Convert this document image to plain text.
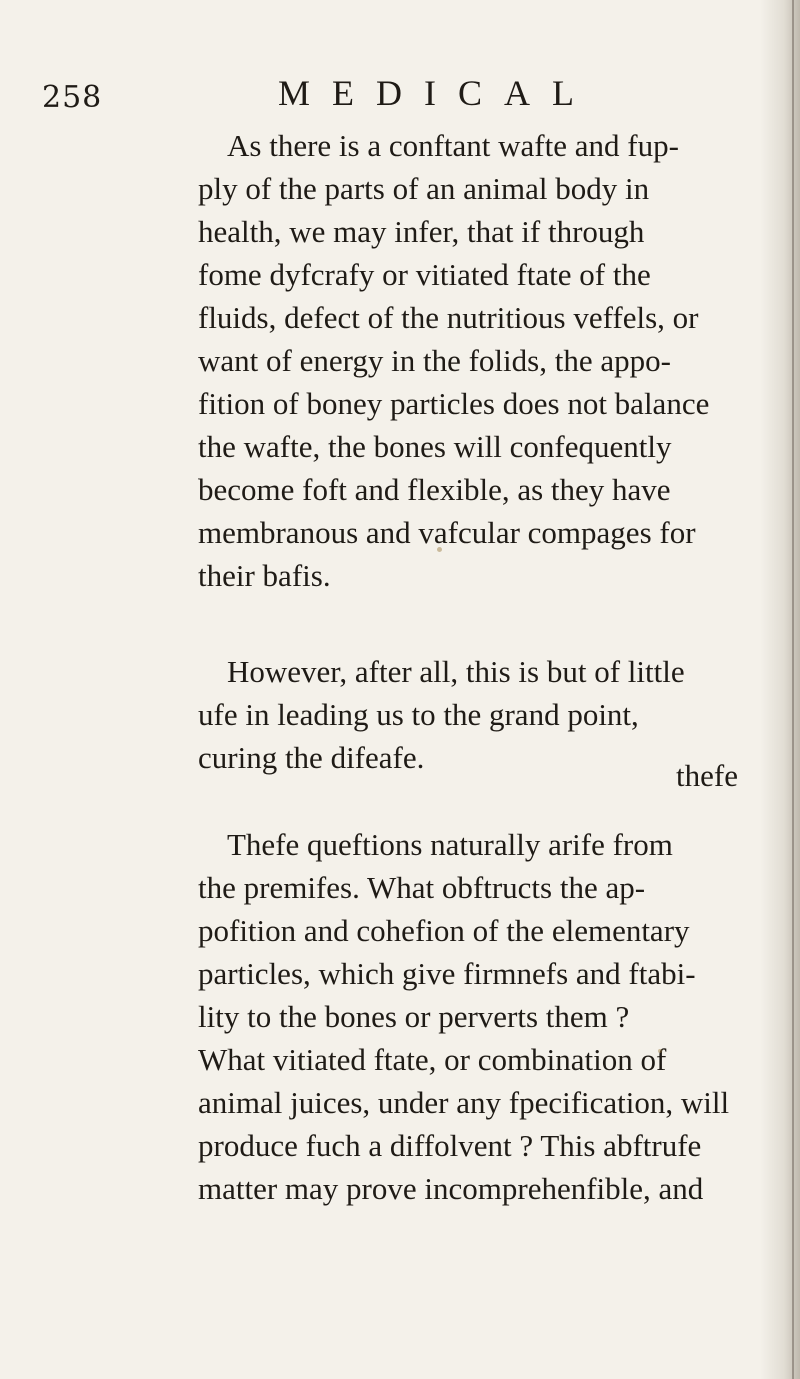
258	MEDICAL
As there is a conftant wafte and fup-
ply of the parts of an animal body in
health, we may infer, that if through
fome dyfcrafy or vitiated ftate of the
fluids, defect of the nutritious veffels, or
want of energy in the folids, the appo-
fition of boney particles does not balance
the wafte, the bones will confequently
become foft and flexible, as they have
membranous and vafcular compages for
their bafis.
However, after all, this is but of little
ufe in leading us to the grand point,
curing the difeafe.
Thefe queftions naturally arife from
the premifes. What obftructs the ap-
pofition and cohefion of the elementary
particles, which give firmnefs and ftabi-
lity to the bones or perverts them ?
What vitiated ftate, or combination of
animal juices, under any fpecification, will
produce fuch a diffolvent ? This abftrufe
matter may prove incomprehenfible, and
thefe
